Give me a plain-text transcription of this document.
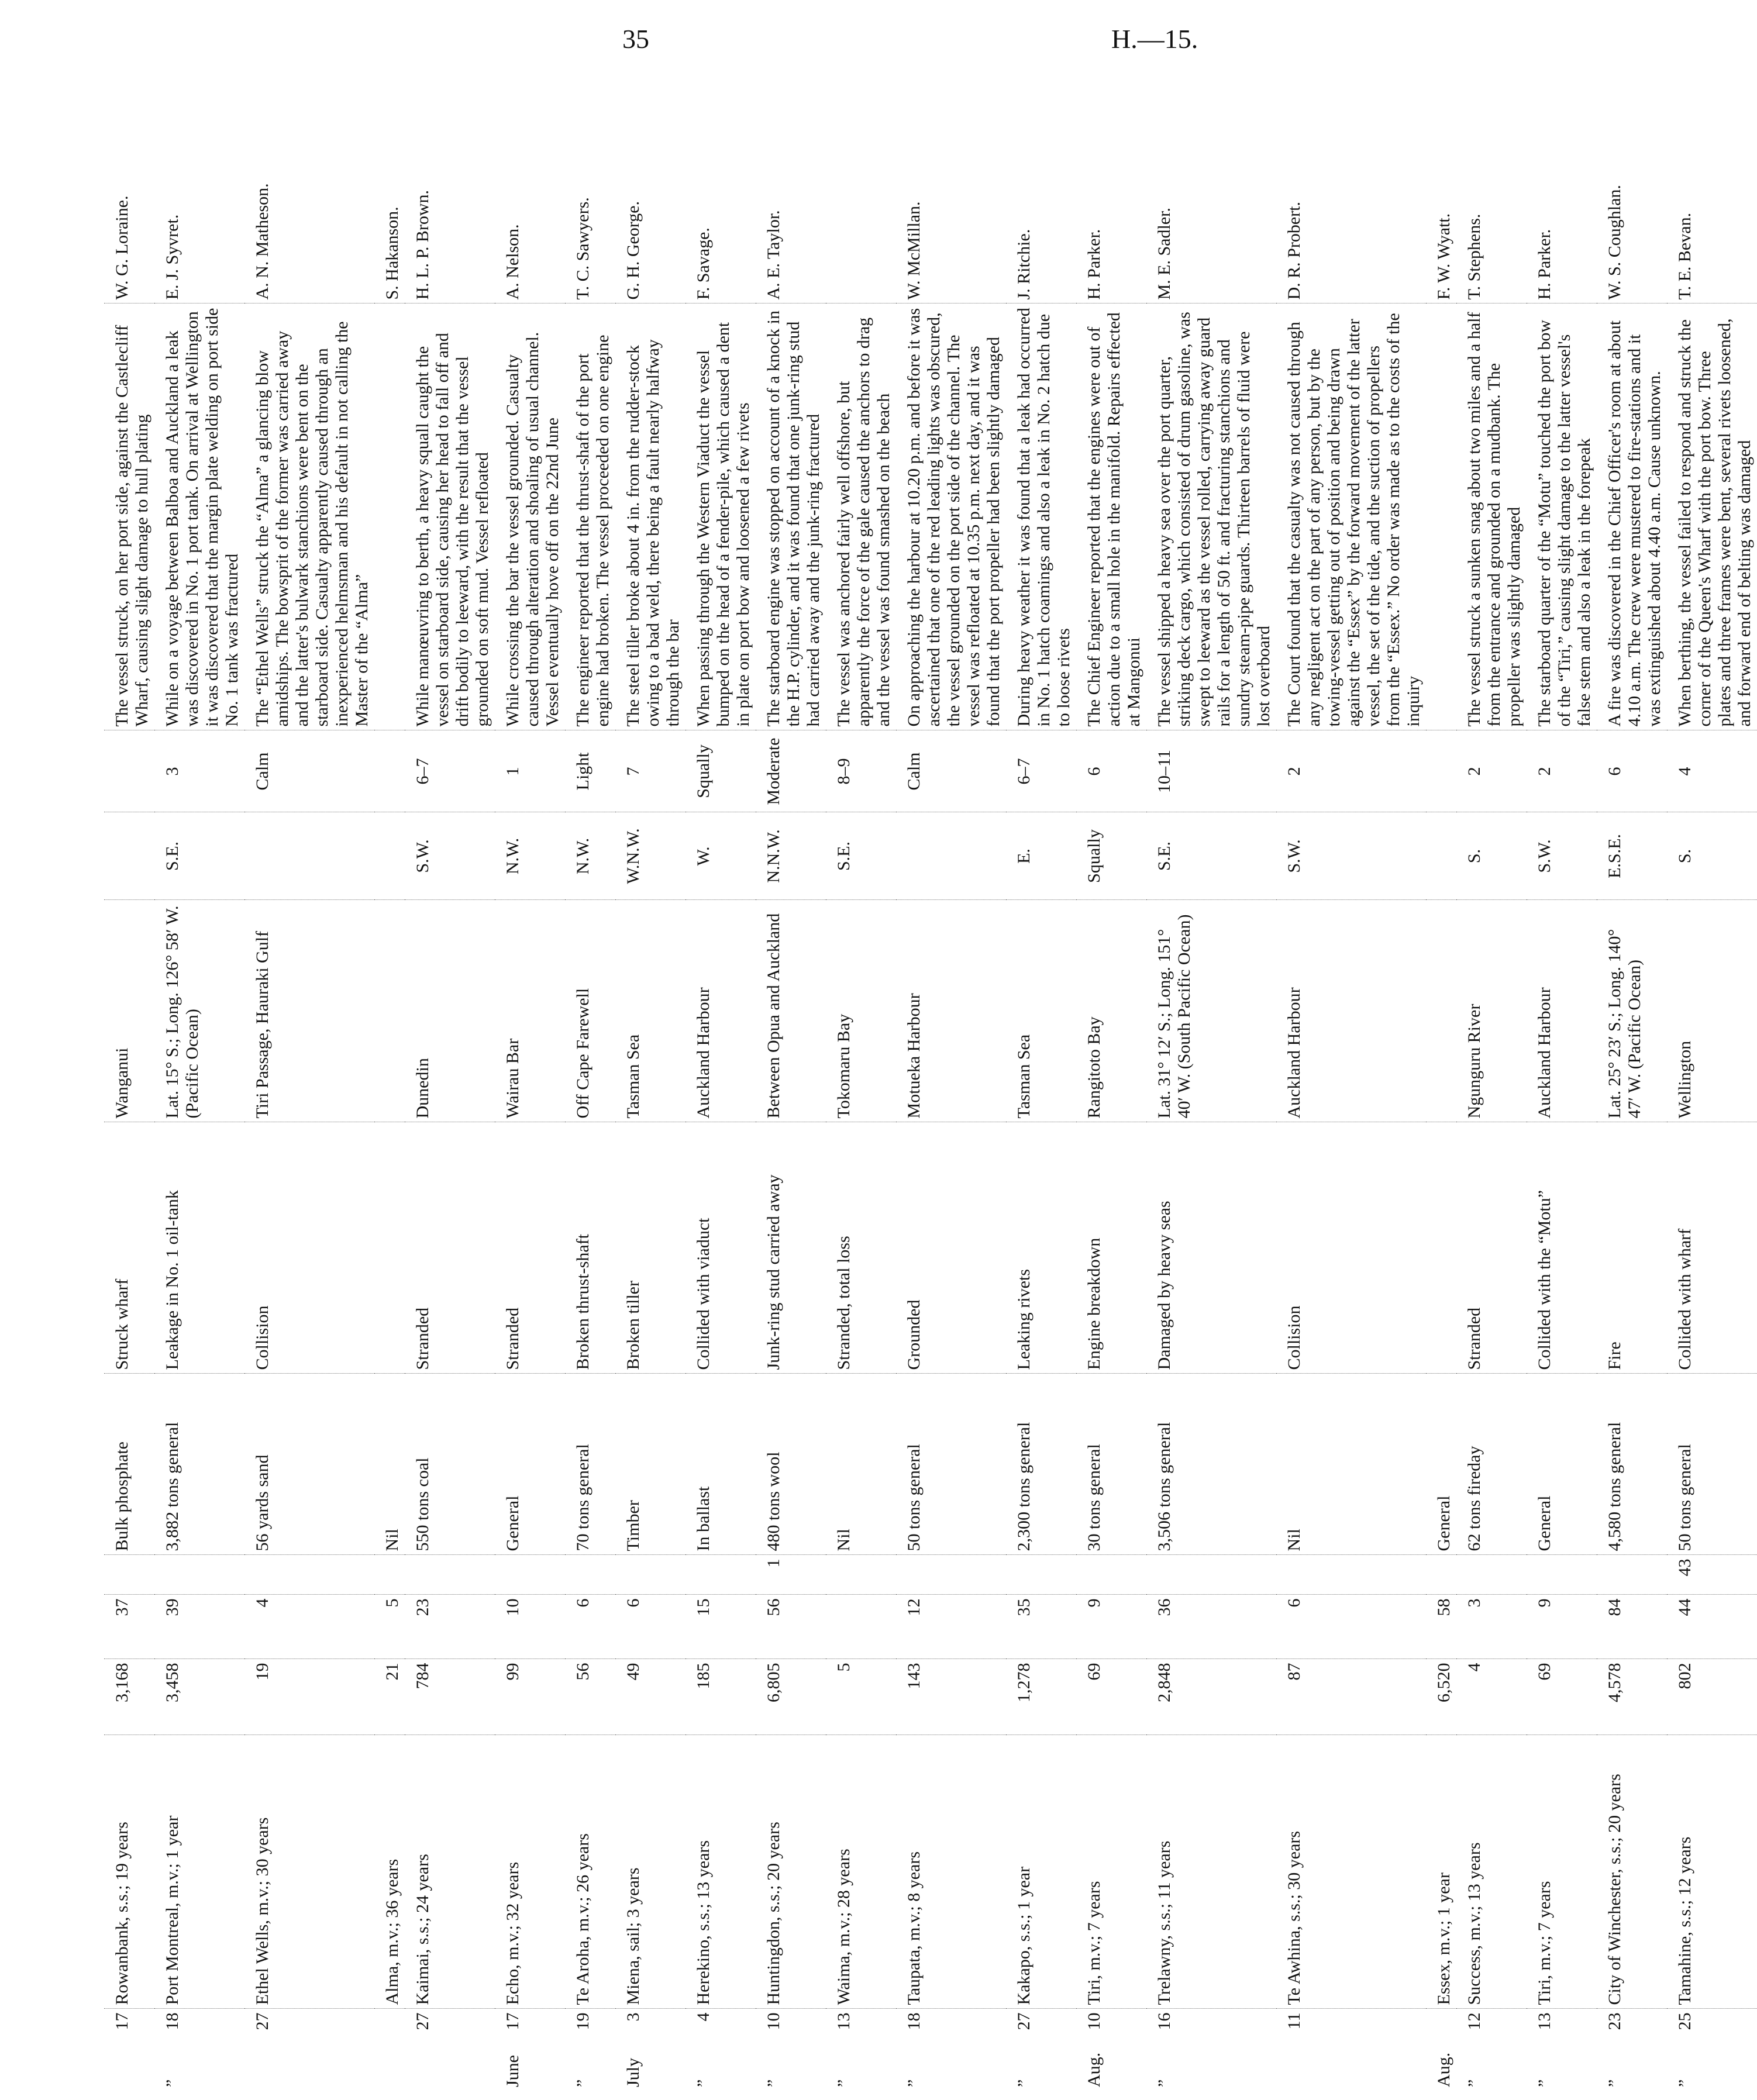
35	H.—15.
	17	Rowanbank, s.s.; 19 years	3,168	37		Bulk phosphate	Struck wharf	Wanganui			The vessel struck, on her port side, against the Castlecliff Wharf, causing slight damage to hull plating	W. G. Loraine.
”	18	Port Montreal, m.v.; 1 year	3,458	39		3,882 tons general	Leakage in No. 1 oil-tank	Lat. 15° S.; Long. 126° 58′ W. (Pacific Ocean)	S.E.	3	While on a voyage between Balboa and Auckland a leak was discovered in No. 1 port tank. On arrival at Wellington it was discovered that the margin plate welding on port side No. 1 tank was fractured	E. J. Syvret.
	27	Ethel Wells, m.v.; 30 years	19	4		56 yards sand	Collision	Tiri Passage, Hauraki Gulf		Calm	The “Ethel Wells” struck the “Alma” a glancing blow amidships. The bowsprit of the former was carried away and the latter's bulwark stanchions were bent on the starboard side. Casualty apparently caused through an inexperienced helmsman and his default in not calling the Master of the “Alma”	A. N. Matheson.
		Alma, m.v.; 36 years	21	5		Nil						S. Hakanson.
	27	Kaimai, s.s.; 24 years	784	23		550 tons coal	Stranded	Dunedin	S.W.	6–7	While manœuvring to berth, a heavy squall caught the vessel on starboard side, causing her head to fall off and drift bodily to leeward, with the result that the vessel grounded on soft mud. Vessel refloated	H. L. P. Brown.
June	17	Echo, m.v.; 32 years	99	10		General	Stranded	Wairau Bar	N.W.	1	While crossing the bar the vessel grounded. Casualty caused through alteration and shoaling of usual channel. Vessel eventually hove off on the 22nd June	A. Nelson.
”	19	Te Aroha, m.v.; 26 years	56	6		70 tons general	Broken thrust-shaft	Off Cape Farewell	N.W.	Light	The engineer reported that the thrust-shaft of the port engine had broken. The vessel proceeded on one engine	T. C. Sawyers.
July	3	Miena, sail; 3 years	49	6		Timber	Broken tiller	Tasman Sea	W.N.W.	7	The steel tiller broke about 4 in. from the rudder-stock owing to a bad weld, there being a fault nearly halfway through the bar	G. H. George.
”	4	Herekino, s.s.; 13 years	185	15		In ballast	Collided with viaduct	Auckland Harbour	W.	Squally	When passing through the Western Viaduct the vessel bumped on the head of a fender-pile, which caused a dent in plate on port bow and loosened a few rivets	F. Savage.
”	10	Huntingdon, s.s.; 20 years	6,805	56	1	480 tons wool	Junk-ring stud carried away	Between Opua and Auckland	N.N.W.	Moderate	The starboard engine was stopped on account of a knock in the H.P. cylinder, and it was found that one junk-ring stud had carried away and the junk-ring fractured	A. E. Taylor.
”	13	Waima, m.v.; 28 years	5			Nil	Stranded, total loss	Tokomaru Bay	S.E.	8–9	The vessel was anchored fairly well offshore, but apparently the force of the gale caused the anchors to drag and the vessel was found smashed on the beach	
”	18	Taupata, m.v.; 8 years	143	12		50 tons general	Grounded	Motueka Harbour		Calm	On approaching the harbour at 10.20 p.m. and before it was ascertained that one of the red leading lights was obscured, the vessel grounded on the port side of the channel. The vessel was refloated at 10.35 p.m. next day, and it was found that the port propeller had been slightly damaged	W. McMillan.
”	27	Kakapo, s.s.; 1 year	1,278	35		2,300 tons general	Leaking rivets	Tasman Sea	E.	6–7	During heavy weather it was found that a leak had occurred in No. 1 hatch coamings and also a leak in No. 2 hatch due to loose rivets	J. Ritchie.
Aug.	10	Tiri, m.v.; 7 years	69	9		30 tons general	Engine breakdown	Rangitoto Bay	Squally	6	The Chief Engineer reported that the engines were out of action due to a small hole in the manifold. Repairs effected at Mangonui	H. Parker.
”	16	Trelawny, s.s.; 11 years	2,848	36		3,506 tons general	Damaged by heavy seas	Lat. 31° 12′ S.; Long. 151° 40′ W. (South Pacific Ocean)	S.E.	10–11	The vessel shipped a heavy sea over the port quarter, striking deck cargo, which consisted of drum gasoline, was swept to leeward as the vessel rolled, carrying away guard rails for a length of 50 ft. and fracturing stanchions and sundry steam-pipe guards. Thirteen barrels of fluid were lost overboard	M. E. Sadler.
	11	Te Awhina, s.s.; 30 years	87	6		Nil	Collision	Auckland Harbour	S.W.	2	The Court found that the casualty was not caused through any negligent act on the part of any person, but by the towing-vessel getting out of position and being drawn against the “Essex” by the forward movement of the latter vessel, the set of the tide, and the suction of propellers from the “Essex.” No order was made as to the costs of the inquiry	D. R. Probert.
Aug.		Essex, m.v.; 1 year	6,520	58		General						F. W. Wyatt.
”	12	Success, m.v.; 13 years	4	3		62 tons fireday	Stranded	Ngunguru River	S.	2	The vessel struck a sunken snag about two miles and a half from the entrance and grounded on a mudbank. The propeller was slightly damaged	T. Stephens.
”	13	Tiri, m.v.; 7 years	69	9		General	Collided with the “Motu”	Auckland Harbour	S.W.	2	The starboard quarter of the “Motu” touched the port bow of the “Tiri,” causing slight damage to the latter vessel's false stem and also a leak in the forepeak	H. Parker.
”	23	City of Winchester, s.s.; 20 years	4,578	84		4,580 tons general	Fire	Lat. 25° 23′ S.; Long. 140° 47′ W. (Pacific Ocean)	E.S.E.	6	A fire was discovered in the Chief Officer's room at about 4.10 a.m. The crew were mustered to fire-stations and it was extinguished about 4.40 a.m. Cause unknown.	W. S. Coughlan.
”	25	Tamahine, s.s.; 12 years	802	44	43	50 tons general	Collided with wharf	Wellington	S.	4	When berthing, the vessel failed to respond and struck the corner of the Queen's Wharf with the port bow. Three plates and three frames were bent, several rivets loosened, and forward end of belting was damaged	T. E. Bevan.
